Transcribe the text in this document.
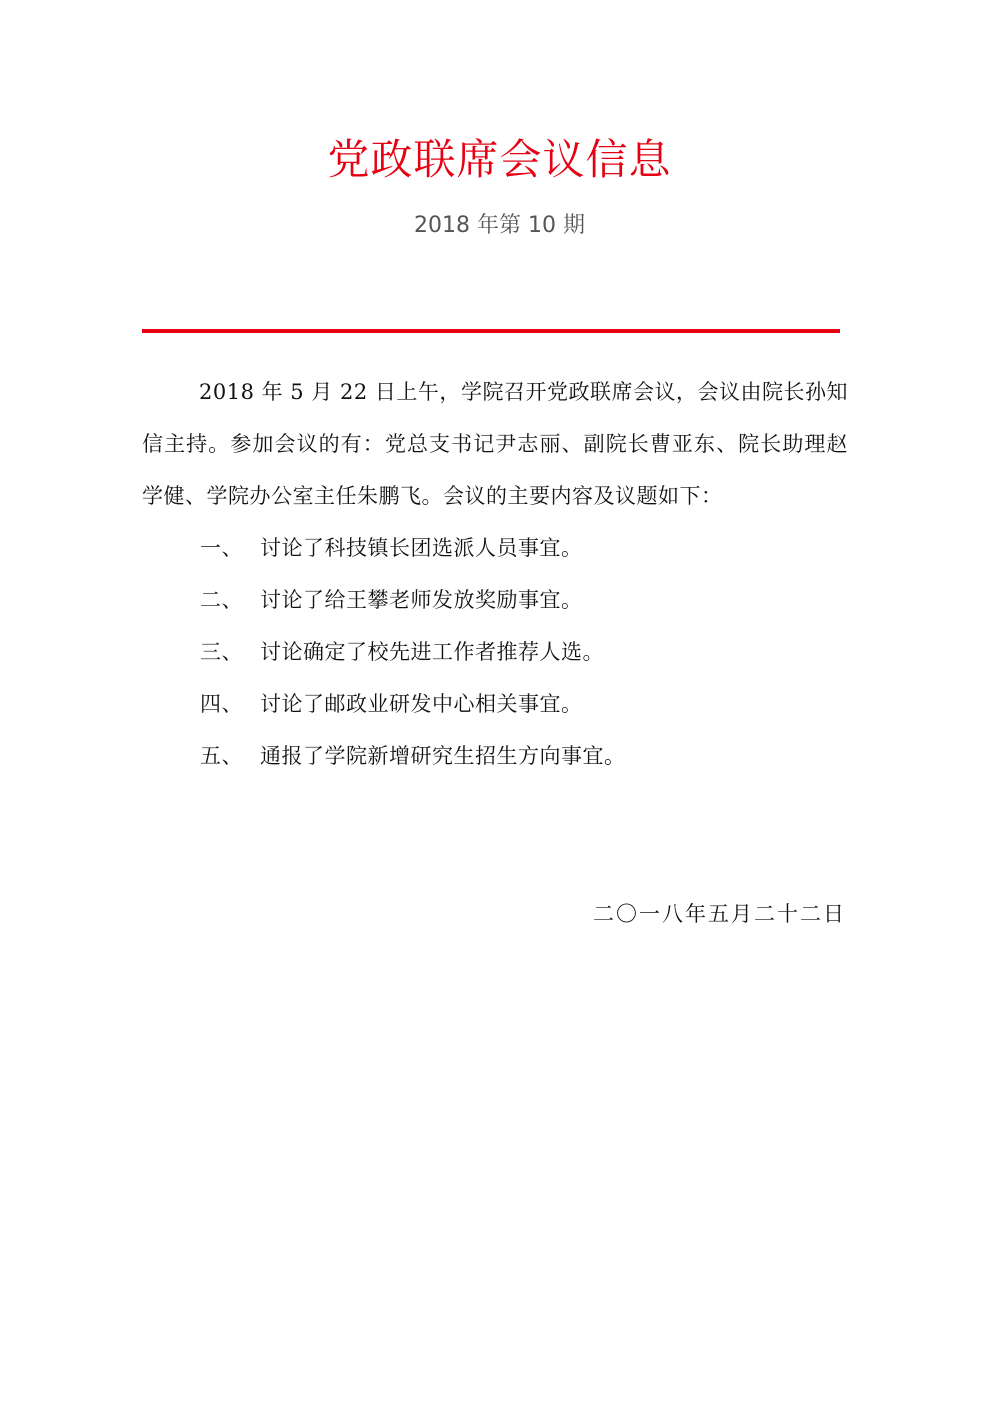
党政联席会议信息
2018 年第 10 期
2018 年 5 月 22 日上午，学院召开党政联席会议，会议由院长孙知信主持。参加会议的有：党总支书记尹志丽、副院长曹亚东、院长助理赵学健、学院办公室主任朱鹏飞。会议的主要内容及议题如下：
一、 讨论了科技镇长团选派人员事宜。
二、 讨论了给王攀老师发放奖励事宜。
三、 讨论确定了校先进工作者推荐人选。
四、 讨论了邮政业研发中心相关事宜。
五、 通报了学院新增研究生招生方向事宜。
二〇一八年五月二十二日
